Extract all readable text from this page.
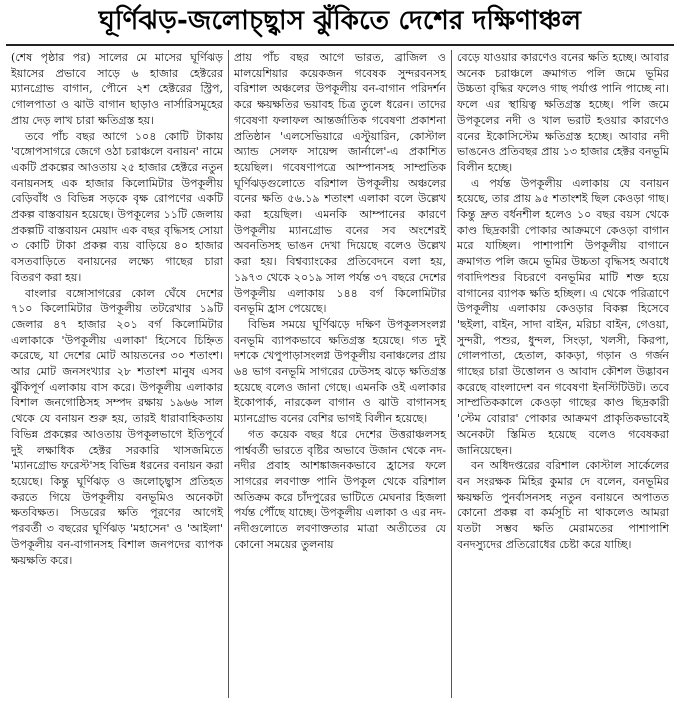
ঘূর্ণিঝড়-জলোচ্ছ্বাস ঝুঁকিতে দেশের দক্ষিণাঞ্চল

(শেষ পৃষ্ঠার পর) সালের মে মাসের ঘূর্ণিঝড় ইয়াসের প্রভাবে সাড়ে ৬ হাজার হেক্টরের ম্যানগ্রোভ বাগান, পৌনে ২শ হেক্টরের স্ট্রিপ, গোলপাতা ও ঝাউ বাগান ছাড়াও নার্সারিসমূহের প্রায় দেড় লাখ চারা ক্ষতিগ্রস্ত হয়।

তবে পাঁচ বছর আগে ১০৪ কোটি টাকায় 'বঙ্গোপসাগরে জেগে ওঠা চরাঞ্চলে বনায়ন' নামে একটি প্রকল্পের আওতায় ২৫ হাজার হেক্টরে নতুন বনায়নসহ এক হাজার কিলোমিটার উপকূলীয় বেড়িবাঁধ ও বিভিন্ন সড়কে বৃক্ষ রোপণের একটি প্রকল্প বাস্তবায়ন হয়েছে। উপকূলের ১১টি জেলায় প্রকল্পটি বাস্তবায়ন মেয়াদ এক বছর বৃদ্ধিসহ সোয়া ৩ কোটি টাকা প্রকল্প ব্যয় বাড়িয়ে ৪০ হাজার বসতবাড়িতে বনায়নের লক্ষ্যে গাছের চারা বিতরণ করা হয়।

বাংলার বঙ্গোসাগরের কোল ঘেঁষে দেশের ৭১০ কিলোমিটার উপকূলীয় তটরেখার ১৯টি জেলার ৪৭ হাজার ২০১ বর্গ কিলোমিটার এলাকাকে 'উপকূলীয় এলাকা' হিসেবে চিহ্নিত করেছে, যা দেশের মোট আয়তনের ৩০ শতাংশ। আর মোট জনসংখ্যার ২৮ শতাংশ মানুষ এসব ঝুঁকিপূর্ণ এলাকায় বাস করে। উপকূলীয় এলাকার বিশাল জনগোষ্ঠিসহ সম্পদ রক্ষায় ১৯৬৬ সাল থেকে যে বনায়ন শুরু হয়, তারই ধারাবাহিকতায় বিভিন্ন প্রকল্পের আওতায় উপকূলভাগে ইতিপূর্বে দুই লক্ষাধিক হেক্টর সরকারি খাসজমিতে 'ম্যানগ্রোভ ফরেস্ট'সহ বিভিন্ন ধরনের বনায়ন করা হয়েছে। কিন্তু ঘূর্ণিঝড় ও জলোচ্ছ্বাস প্রতিহত করতে গিয়ে উপকূলীয় বনভূমিও অনেকটা ক্ষতবিক্ষত। সিডরের ক্ষতি পূরণের আগেই পরবর্তী ৩ বছরের ঘূর্ণিঝড় 'মহাসেন' ও 'আইলা' উপকূলীয় বন-বাগানসহ বিশাল জনপদের ব্যাপক ক্ষয়ক্ষতি করে।

প্রায় পাঁচ বছর আগে ভারত, ব্রাজিল ও মালয়েশিয়ার কয়েকজন গবেষক সুন্দরবনসহ বরিশাল অঞ্চলের উপকূলীয় বন-বাগান পরিদর্শন করে ক্ষয়ক্ষতির ভয়াবহ চিত্র তুলে ধরেন। তাদের গবেষণা ফলাফল আন্তর্জাতিক গবেষণা প্রকাশনা প্রতিষ্ঠান 'এলসেভিয়ারে এস্টুয়ারিন, কোস্টাল অ্যান্ড সেলফ সায়েন্স জার্নালে'-এ প্রকাশিত হয়েছিল। গবেষণাপত্রে আম্পানসহ সাম্প্রতিক ঘূর্ণিঝড়গুলোতে বরিশাল উপকূলীয় অঞ্চলের বনের ক্ষতি ৫৬.১৯ শতাংশ এলাকা বলে উল্লেখ করা হয়েছিল। এমনকি আম্পানের কারণে উপকূলীয় ম্যানগ্রোভ বনের সব অংশেরই অবনতিসহ ভাঙন দেখা দিয়েছে বলেও উল্লেখ করা হয়। বিশ্বব্যাংকের প্রতিবেদনে বলা হয়, ১৯৭৩ থেকে ২০১৯ সাল পর্যন্ত ৩৭ বছরে দেশের উপকূলীয় এলাকায় ১৪৪ বর্গ কিলোমিটার বনভূমি হ্রাস পেয়েছে।

বিভিন্ন সময়ে ঘূর্ণিঝড়ে দক্ষিণ উপকূলসংলগ্ন বনভূমি ব্যাপকভাবে ক্ষতিগ্রস্ত হয়েছে। গত দুই দশকে খেপুপাড়াসংলগ্ন উপকূলীয় বনাঞ্চলের প্রায় ৬৪ ভাগ বনভূমি সাগরের ঢেউসহ ঝড়ে ক্ষতিগ্রস্ত হয়েছে বলেও জানা গেছে। এমনকি ওই এলাকার ইকোপার্ক, নারকেল বাগান ও ঝাউ বাগানসহ ম্যানগ্রোভ বনের বেশির ভাগই বিলীন হয়েছে।

গত কয়েক বছর ধরে দেশের উত্তরাঞ্চলসহ পার্শ্ববর্তী ভারতে বৃষ্টির অভাবে উজান থেকে নদ-নদীর প্রবাহ আশঙ্কাজনকভাবে হ্রাসের ফলে সাগরের লবণাক্ত পানি উপকূল থেকে বরিশাল অতিক্রম করে চাঁদপুরের ভাটিতে মেঘনার হিজলা পর্যন্ত পৌঁছে যাচ্ছে। উপকূলীয় এলাকা ও এর নদ-নদীগুলোতে লবণাক্ততার মাত্রা অতীতের যে কোনো সময়ের তুলনায়

বেড়ে যাওয়ার কারণেও বনের ক্ষতি হচ্ছে। আবার অনেক চরাঞ্চলে ক্রমাগত পলি জমে ভূমির উচ্চতা বৃদ্ধির ফলেও গাছ পর্যাপ্ত পানি পাচ্ছে না। ফলে এর স্থায়িত্ব ক্ষতিগ্রস্ত হচ্ছে। পলি জমে উপকূলের নদী ও খাল ভরাট হওয়ার কারণেও বনের ইকোসিস্টেম ক্ষতিগ্রস্ত হচ্ছে। আবার নদী ভাঙনেও প্রতিবছর প্রায় ১৩ হাজার হেক্টর বনভূমি বিলীন হচ্ছে।

এ পর্যন্ত উপকূলীয় এলাকায় যে বনায়ন হয়েছে, তার প্রায় ৯৫ শতাংশই ছিল কেওড়া গাছ। কিন্তু দ্রুত বর্ধনশীল হলেও ১০ বছর বয়স থেকে কাণ্ড ছিদ্রকারী পোকার আক্রমণে কেওড়া বাগান মরে যাচ্ছিল। পাশাপাশি উপকূলীয় বাগানে ক্রমাগত পলি জমে ভূমির উচ্চতা বৃদ্ধিসহ অবাধে গবাদিপশুর বিচরণে বনভূমির মাটি শক্ত হয়ে বাগানের ব্যাপক ক্ষতি হচ্ছিল। এ থেকে পরিত্রাণে উপকূলীয় এলাকায় কেওড়ার বিকল্প হিসেবে 'ছইলা, বাইন, সাদা বাইন, মরিচা বাইন, গেওয়া, সুন্দরী, পশুর, ধুন্দল, সিংড়া, খলসী, কিরপা, গোলপাতা, হেতাল, কাকড়া, গড়ান ও গর্জন গাছের চারা উত্তোলন ও আবাদ কৌশল উদ্ভাবন করেছে বাংলাদেশ বন গবেষণা ইনস্টিটিউট। তবে সাম্প্রতিককালে কেওড়া গাছের কাণ্ড ছিদ্রকারী 'স্টেম বোরার' পোকার আক্রমণ প্রাকৃতিকভাবেই অনেকটা স্তিমিত হয়েছে বলেও গবেষকরা জানিয়েছেন।

বন অধিদপ্তরের বরিশাল কোস্টাল সার্কেলের বন সংরক্ষক মিহির কুমার দে বলেন, বনভূমির ক্ষয়ক্ষতি পুনর্বাসনসহ নতুন বনায়নে অপাতত কোনো প্রকল্প বা কর্মসূচি না থাকলেও আমরা যতটা সম্ভব ক্ষতি মেরামতের পাশাপাশি বনদস্যুদের প্রতিরোধের চেষ্টা করে যাচ্ছি।
